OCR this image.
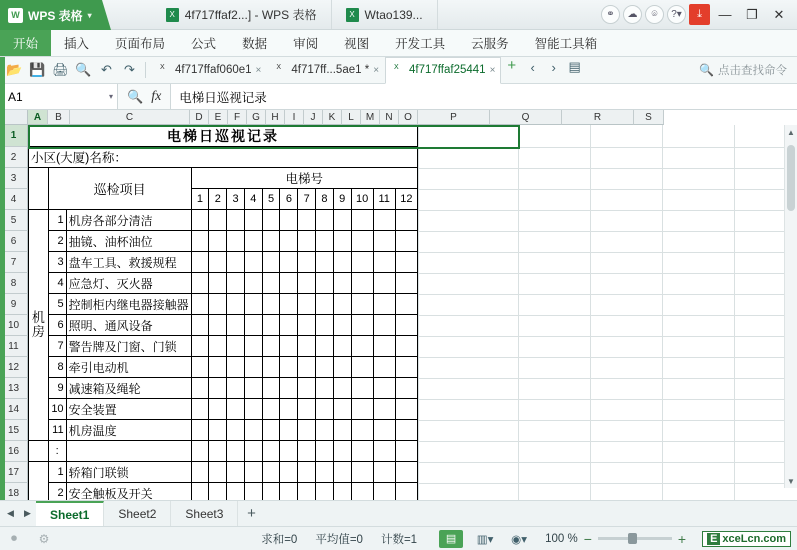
W WPS 表格 ▾	X 4f717ffaf2...] - WPS 表格	X Wtao139...	⚭	☁	⌾	?▾	⤓	—	❐	✕
开始	插入	页面布局	公式	数据	审阅	视图	开发工具	云服务	智能工具箱
📂 💾 🖨 🔍 ↶ ↷	X 4f717ffaf060e1 × X 4f717ff...5ae1 * × X 4f717ffaf25441 × +	‹	› ▤	🔍 点击查找命令
A1	▾ 🔍 fx	电梯日巡视记录
A	B	C	D	E	F	G	H	I	J	K	L	M	N	O	P	Q	R	S
1
2
3
4
5
6
7
8
9
10
11
12
13
14
15
16
17
18
电梯日巡视记录														
小区(大厦)名称：														
	巡检项目		电梯号											
			1	2	3	4	5	6	7	8	9	10	11	12
机
房	1	机房各部分清洁												
	2	抽镜、油杯油位												
	3	盘车工具、救援规程												
	4	应急灯、灭火器												
	5	控制柜内继电器接触器												
	6	照明、通风设备												
	7	警告牌及门窗、门锁												
	8	牵引电动机												
	9	减速箱及绳轮												
	10	安全装置												
	11	机房温度												
	:													
	1	轿箱门联锁												
	2	安全触板及开关												
▲
▼
◀	▶	Sheet1	Sheet2	Sheet3	+
⏺	⚙	求和=0 平均值=0 计数=1	▤	▥▾	◉▾	100 % −	+ E xceLcn.com
